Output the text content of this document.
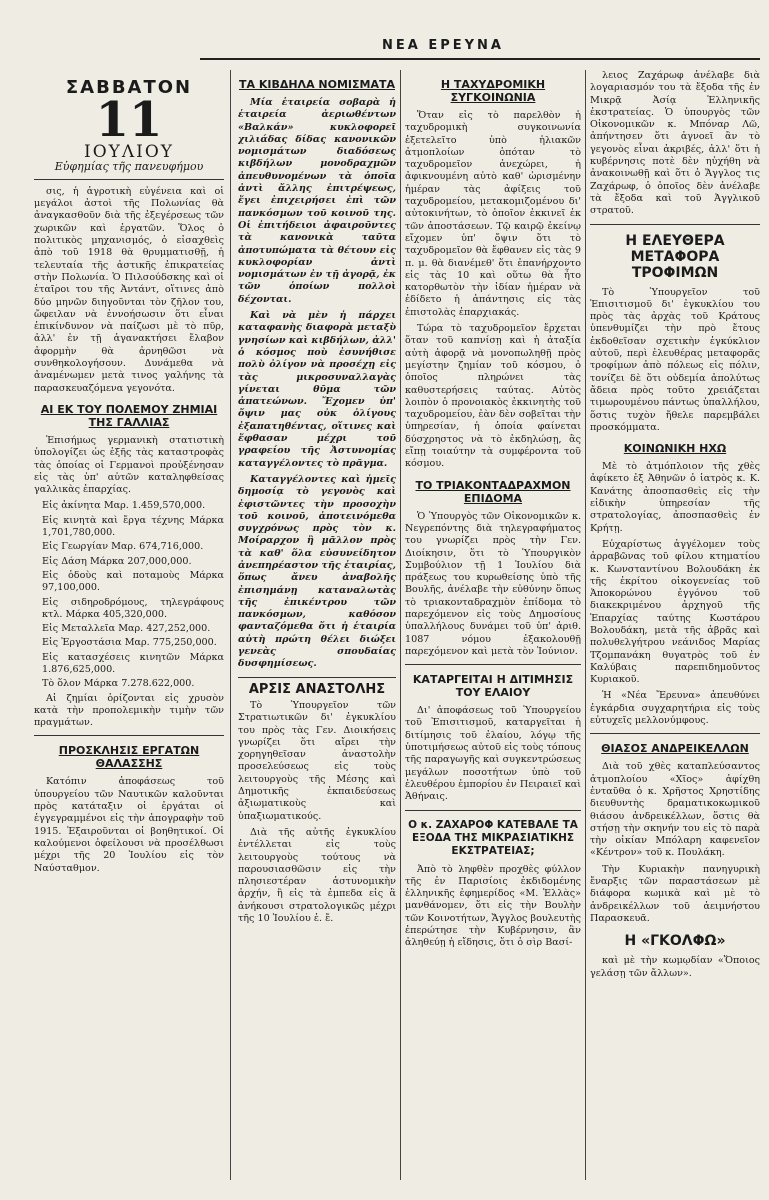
ΝΕΑ ΕΡΕΥΝΑ
ΣΑΒΒΑΤΟΝ
11
ΙΟΥΛΙΟΥ
Εὐφημίας τῆς πανευφήμου

σις, ἡ ἀγροτικὴ εὐγένεια καὶ οἱ μεγάλοι ἀστοὶ τῆς Πολωνίας θὰ ἀναγκασθοῦν διὰ τῆς ἐξεγέρσεως τῶν χωρικῶν καὶ ἐργατῶν. Ὅλος ὁ πολιτικὸς μηχανισμός, ὁ εἰσαχθεὶς ἀπὸ τοῦ 1918 θὰ θρυμματισθῇ, ἡ τελευταία τῆς ἀστικῆς ἐπικρατείας στὴν Πολωνία. Ὁ Πιλσούδσκης καὶ οἱ ἑταῖροι του τῆς Ἀντάντ, οἵτινες ἀπὸ δύο μηνῶν διηγοῦνται τὸν ζῆλον του, ὤφειλαν νὰ ἐννοήσωσιν ὅτι εἶναι ἐπικίνδυνον νὰ παίζωσι μὲ τὸ πῦρ, ἀλλ' ἐν τῇ ἀγανακτήσει ἔλαβον ἀφορμὴν θὰ ἀρνηθῶσι νὰ συνθηκολογήσουν. Δυνάμεθα νὰ ἀναμένωμεν μετὰ τινος γαλήνης τὰ παρασκευαζόμενα γεγονότα.

ΑΙ ΕΚ ΤΟΥ ΠΟΛΕΜΟΥ ΖΗΜΙΑΙ ΤΗΣ ΓΑΛΛΙΑΣ

Ἐπισήμως γερμανικὴ στατιστικὴ ὑπολογίζει ὡς ἑξῆς τὰς καταστροφὰς τὰς ὁποίας οἱ Γερμανοὶ προὐξένησαν εἰς τὰς ὑπ' αὐτῶν καταληφθείσας γαλλικὰς ἐπαρχίας.

Εἰς ἀκίνητα Μαρ. 1.459,570,000.

Εἰς κινητὰ καὶ ἔργα τέχνης Μάρκα 1,701,780,000.

Εἰς Γεωργίαν Μαρ. 674,716,000.

Εἰς Δάση Μάρκα 207,000,000.

Εἰς ὁδοὺς καὶ ποταμοὺς Μάρκα 97,100,000.

Εἰς σιδηροδρόμους, τηλεγράφους κτλ. Μάρκα 405,320,000.

Εἰς Μεταλλεῖα Μαρ. 427,252,000.

Εἰς Ἐργοστάσια Μαρ. 775,250,000.

Εἰς κατασχέσεις κινητῶν Μάρκα 1.876,625,000.

Τὸ ὅλον Μάρκα 7.278.622,000.

Αἱ ζημίαι ὁρίζονται εἰς χρυσὸν κατὰ τὴν προπολεμικὴν τιμὴν τῶν πραγμάτων.

ΠΡΟΣΚΛΗΣΙΣ ΕΡΓΑΤΩΝ ΘΑΛΑΣΣΗΣ

Κατόπιν ἀποφάσεως τοῦ ὑπουργείου τῶν Ναυτικῶν καλοῦνται πρὸς κατάταξιν οἱ ἐργάται οἱ ἐγγεγραμμένοι εἰς τὴν ἀπογραφὴν τοῦ 1915. Ἐξαιροῦνται οἱ βοηθητικοί. Οἱ καλούμενοι ὀφείλουσι νὰ προσέλθωσι μέχρι τῆς 20 Ἰουλίου εἰς τὸν Ναύσταθμον.

ΤΑ ΚΙΒΔΗΛΑ ΝΟΜΙΣΜΑΤΑ

Μία ἑταιρεία σοβαρὰ ἡ ἑταιρεία ἀεριωθέντων «Βαλκάν» κυκλοφορεῖ χιλιάδας δίδας κανονικῶν νομισμάτων διαδόσεως κιβδήλων μονοδραχμῶν ἀπευθυνομένων τὰ ὁποῖα ἀντὶ ἄλλης ἐπιτρέψεως, ἔγει ἐπιχειρήσει ἐπὶ τῶν πανκόσμων τοῦ κοινοῦ της. Οἱ ἐπιτήδειοι ἀφαιροῦντες τὰ κανονικὰ ταῦτα ἀποτυπώματα τὰ θέτουν εἰς κυκλοφορίαν ἀντὶ νομισμάτων ἐν τῇ ἀγορᾷ, ἐκ τῶν ὁποίων πολλοὶ δέχονται.

Καὶ νὰ μὲν ἡ πάρχει καταφανὴς διαφορὰ μεταξὺ γνησίων καὶ κιβδήλων, ἀλλ' ὁ κόσμος ποὺ ἐσυνήθισε πολὺ ὀλίγον νὰ προσέχῃ εἰς τὰς μικροσυναλλαγὰς γίνεται θῦμα τῶν ἀπατεώνων. Ἔχομεν ὑπ' ὄψιν μας οὐκ ὀλίγους ἐξαπατηθέντας, οἵτινες καὶ ἔφθασαν μέχρι τοῦ γραφείου τῆς Ἀστυνομίας καταγγέλοντες τὸ πρᾶγμα.

Καταγγέλοντες καὶ ἡμεῖς δημοσίᾳ τὸ γεγονὸς καὶ ἐφιστῶντες τὴν προσοχὴν τοῦ κοινοῦ, ἀποτεινόμεθα συγχρόνως πρὸς τὸν κ. Μοίραρχον ἢ μᾶλλον πρὸς τὰ καθ' ὅλα εὐσυνείδητον ἀνεπηρέαστον τῆς ἑταιρίας, ὅπως ἄνευ ἀναβολῆς ἐπισημάνῃ καταναλωτὰς τῆς ἐπικέντρου τῶν πανκόσμων, καθόσον φανταζόμεθα ὅτι ἡ ἑταιρία αὐτὴ πρώτη θέλει διώξει γενεὰς σπουδαίας δυσφημίσεως.

ΑΡΣΙΣ ΑΝΑΣΤΟΛΗΣ

Τὸ Ὑπουργεῖον τῶν Στρατιωτικῶν δι' ἐγκυκλίου του πρὸς τὰς Γεν. Διοικήσεις γνωρίζει ὅτι αἴρει τὴν χορηγηθεῖσαν ἀναστολὴν προσελεύσεως εἰς τοὺς λειτουργοὺς τῆς Μέσης καὶ Δημοτικῆς ἐκπαιδεύσεως ἀξιωματικοὺς καὶ ὑπαξιωματικούς.

Διὰ τῆς αὐτῆς ἐγκυκλίου ἐντέλλεται εἰς τοὺς λειτουργοὺς τούτους νὰ παρουσιασθῶσιν εἰς τὴν πλησιεστέραν ἀστυνομικὴν ἀρχήν, ἢ εἰς τὰ ἐμπεδα εἰς ἃ ἀνήκουσι στρατολογικῶς μέχρι τῆς 10 Ἰουλίου ἐ. ἔ.

Η ΤΑΧΥΔΡΟΜΙΚΗ ΣΥΓΚΟΙΝΩΝΙΑ

Ὅταν εἰς τὸ παρελθὸν ἡ ταχυδρομικὴ συγκοινωνία ἐξετελεῖτο ὑπὸ ἡλιακῶν ἀτμοπλοίων ὁπόταν τὸ ταχυδρομεῖον ἀνεχώρει, ἡ ἀφικνουμένη αὐτὸ καθ' ὡρισμένην ἡμέραν τὰς ἀφίξεις τοῦ ταχυδρομείου, μετακομιζομένου δι' αὐτοκινήτων, τὸ ὁποῖον ἐκκινεῖ ἐκ τῶν ἀποστάσεων. Τῷ καιρῷ ἐκείνῳ εἴχομεν ὑπ' ὄψιν ὅτι τὸ ταχυδρομεῖον θὰ ἔφθανεν εἰς τὰς 9 π. μ. θὰ διανέμεθ' ὅτι ἐπανήρχοντο εἰς τὰς 10 καὶ οὕτω θὰ ἦτο κατορθωτὸν τὴν ἰδίαν ἡμέραν νὰ ἐδίδετο ἡ ἀπάντησις εἰς τὰς ἐπιστολὰς ἐπαρχιακάς.

Τώρα τὸ ταχυδρομεῖον ἔρχεται ὅταν τοῦ καπνίσῃ καὶ ἡ ἀταξία αὐτὴ ἀφορᾷ νὰ μονοπωληθῇ πρὸς μεγίστην ζημίαν τοῦ κόσμου, ὁ ὁποῖος πληρώνει τὰς καθυστερήσεις ταύτας. Αὐτὸς λοιπὸν ὁ προνοιακὸς ἐκκινητὴς τοῦ ταχυδρομείου, ἐὰν δὲν σοβεῖται τὴν ὑπηρεσίαν, ἡ ὁποία φαίνεται δύσχρηστος νὰ τὸ ἐκδηλώσῃ, ἂς εἴπῃ τοιαύτην τὰ συμφέροντα τοῦ κόσμου.

ΤΟ ΤΡΙΑΚΟΝΤΑΔΡΑΧΜΟΝ ΕΠΙΔΟΜΑ

Ὁ Ὑπουργὸς τῶν Οἰκονομικῶν κ. Νεγρεπόντης διὰ τηλεγραφήματος του γνωρίζει πρὸς τὴν Γεν. Διοίκησιν, ὅτι τὸ Ὑπουργικὸν Συμβούλιον τῇ 1 Ἰουλίου διὰ πράξεως του κυρωθείσης ὑπὸ τῆς Βουλῆς, ἀνέλαβε τὴν εὐθύνην ὅπως τὸ τριακονταδραχμὸν ἐπίδομα τὸ παρεχόμενον εἰς τοὺς Δημοσίους ὑπαλλήλους δυνάμει τοῦ ὑπ' ἀριθ. 1087 νόμου ἐξακολουθῇ παρεχόμενον καὶ μετὰ τὸν Ἰούνιον.

ΚΑΤΑΡΓΕΙΤΑΙ Η ΔΙΤΙΜΗΣΙΣ ΤΟΥ ΕΛΑΙΟΥ

Δι' ἀποφάσεως τοῦ Ὑπουργείου τοῦ Ἐπισιτισμοῦ, καταργεῖται ἡ διτίμησις τοῦ ἐλαίου, λόγῳ τῆς ὑποτιμήσεως αὐτοῦ εἰς τοὺς τόπους τῆς παραγωγῆς καὶ συγκεντρώσεως μεγάλων ποσοτήτων ὑπὸ τοῦ ἐλευθέρου ἐμπορίου ἐν Πειραιεῖ καὶ Ἀθήναις.

Ο κ. ΖΑΧΑΡΟΦ ΚΑΤΕΒΑΛΕ ΤΑ ΕΞΟΔΑ ΤΗΣ ΜΙΚΡΑΣΙΑΤΙΚΗΣ ΕΚΣΤΡΑΤΕΙΑΣ;

Ἀπὸ τὸ ληφθὲν προχθὲς φύλλον τῆς ἐν Παρισίοις ἐκδιδομένης ἑλληνικῆς ἐφημερίδος «Μ. Ἑλλὰς» μανθάνομεν, ὅτι εἰς τὴν Βουλὴν τῶν Κοινοτήτων, Ἄγγλος βουλευτὴς ἐπερώτησε τὴν Κυβέρνησιν, ἂν ἀληθεύῃ ἡ εἴδησις, ὅτι ὁ σὶρ Βασί-

λειος Ζαχάρωφ ἀνέλαβε διὰ λογαριασμόν του τὰ ἔξοδα τῆς ἐν Μικρᾷ Ἀσίᾳ Ἑλληνικῆς ἐκστρατείας. Ὁ ὑπουργὸς τῶν Οἰκονομικῶν κ. Μπόναρ Λῶ, ἀπήντησεν ὅτι ἀγνοεῖ ἂν τὸ γεγονὸς εἶναι ἀκριβές, ἀλλ' ὅτι ἡ κυβέρνησις ποτὲ δὲν ηὐχήθη νὰ ἀνακοινωθῇ καὶ ὅτι ὁ Ἄγγλος τις Ζαχάρωφ, ὁ ὁποῖος δὲν ἀνέλαβε τὰ ἔξοδα καὶ τοῦ Ἀγγλικοῦ στρατοῦ.

Η ΕΛΕΥΘΕΡΑ ΜΕΤΑΦΟΡΑ ΤΡΟΦΙΜΩΝ

Τὸ Ὑπουργεῖον τοῦ Ἐπισιτισμοῦ δι' ἐγκυκλίου του πρὸς τὰς ἀρχὰς τοῦ Κράτους ὑπενθυμίζει τὴν πρὸ ἔτους ἐκδοθεῖσαν σχετικὴν ἐγκύκλιον αὐτοῦ, περὶ ἐλευθέρας μεταφορᾶς τροφίμων ἀπὸ πόλεως εἰς πόλιν, τονίζει δὲ ὅτι οὐδεμία ἀπολύτως ἄδεια πρὸς τοῦτο χρειάζεται τιμωρουμένου πάντως ὑπαλλήλου, ὅστις τυχὸν ἤθελε παρεμβάλει προσκόμματα.

ΚΟΙΝΩΝΙΚΗ ΗΧΩ

Μὲ τὸ ἀτμόπλοιον τῆς χθὲς ἀφίκετο ἐξ Ἀθηνῶν ὁ ἰατρὸς κ. Κ. Κανάτης ἀποσπασθεὶς εἰς τὴν εἰδικὴν ὑπηρεσίαν τῆς στρατολογίας, ἀποσπασθεὶς ἐν Κρήτῃ.

Εὐχαρίστως ἀγγέλομεν τοὺς ἀρραβῶνας τοῦ φίλου κτηματίου κ. Κωνσταντίνου Βολουδάκη ἐκ τῆς ἐκρίτου οἰκογενείας τοῦ Ἀποκορώνου ἐγγόνου τοῦ διακεκριμένου ἀρχηγοῦ τῆς Ἐπαρχίας ταύτης Κωστάρου Βολουδάκη, μετὰ τῆς ἀβρᾶς καὶ πολυθελγήτρου νεάνιδος Μαρίας Τζομπανάκη θυγατρὸς τοῦ ἐν Καλύβαις παρεπιδημοῦντος Κυριακοῦ.

Ἡ «Νέα Ἔρευνα» ἀπευθύνει ἐγκάρδια συγχαρητήρια εἰς τοὺς εὐτυχεῖς μελλονύμφους.

ΘΙΑΣΟΣ ΑΝΔΡΕΙΚΕΛΛΩΝ

Διὰ τοῦ χθὲς καταπλεύσαντος ἀτμοπλοίου «Χῖος» ἀφίχθη ἐνταῦθα ὁ κ. Χρῆστος Χρηστίδης διευθυντὴς δραματικοκωμικοῦ θιάσου ἀνδρεικέλλων, ὅστις θὰ στήσῃ τὴν σκηνήν του εἰς τὸ παρὰ τὴν οἰκίαν Μπόλαρη καφενεῖον «Κέντρον» τοῦ κ. Πουλάκη.

Τὴν Κυριακὴν πανηγυρικὴ ἔναρξις τῶν παραστάσεων μὲ διάφορα κωμικὰ καὶ μὲ τὸ ἀνδρεικέλλων τοῦ ἀειμνήστου Παρασκευᾶ.

Η «ΓΚΟΛΦΩ»

καὶ μὲ τὴν κωμῳδίαν «Ὅποιος γελάσῃ τῶν ἄλλων».
